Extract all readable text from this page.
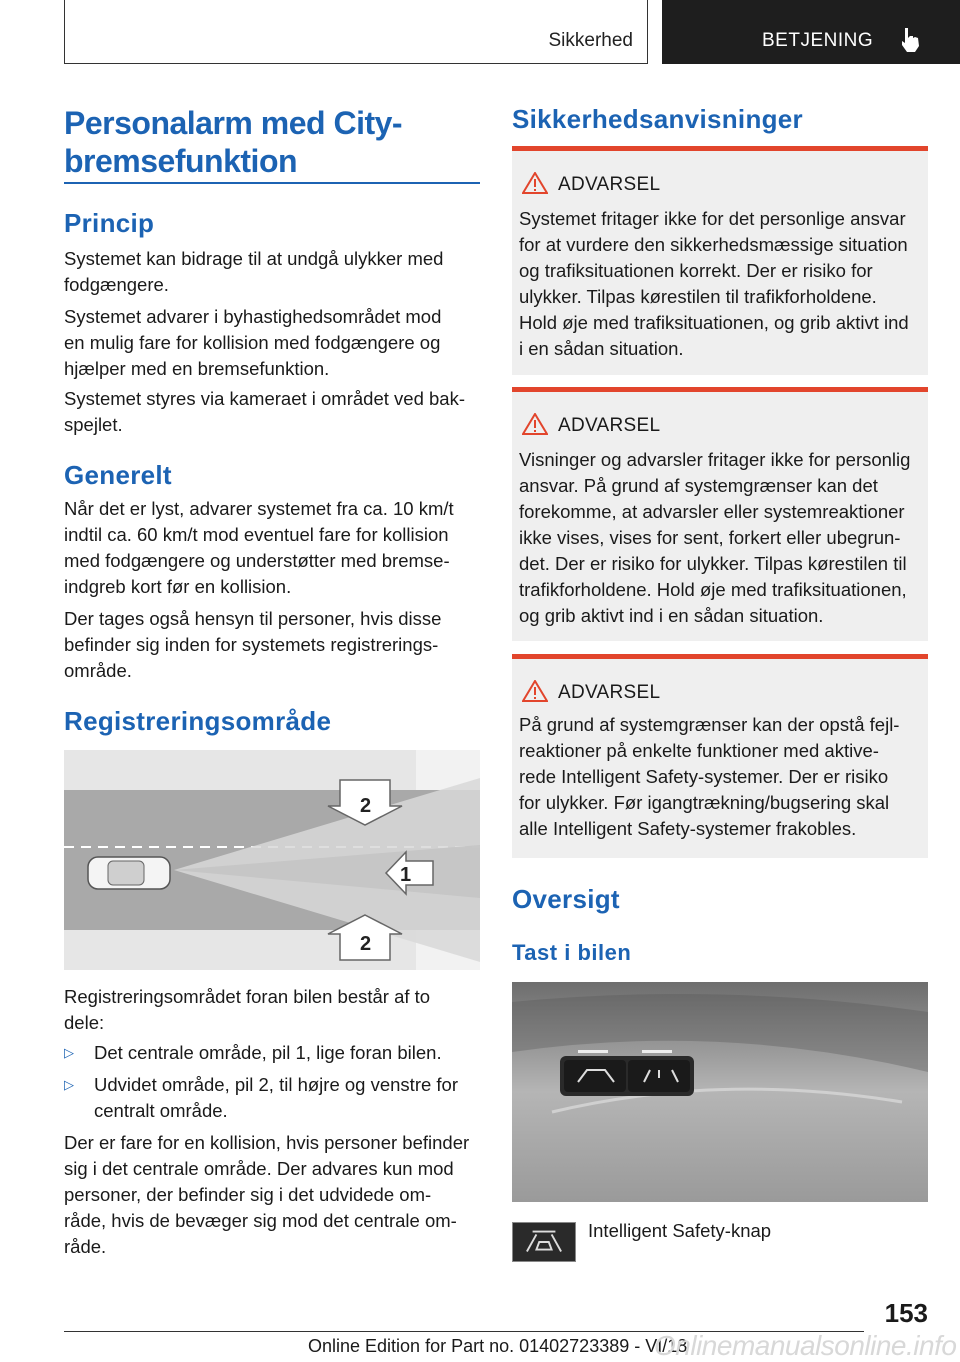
Sikkerhed	BETJENING
Personalarm med City-
bremsefunktion
Princip
Systemet kan bidrage til at undgå ulykker med
fodgængere.
Systemet advarer i byhastighedsområdet mod
en mulig fare for kollision med fodgængere og
hjælper med en bremsefunktion.
Systemet styres via kameraet i området ved bak-
spejlet.
Generelt
Når det er lyst, advarer systemet fra ca. 10 km/t
indtil ca. 60 km/t mod eventuel fare for kollision
med fodgængere og understøtter med bremse-
indgreb kort før en kollision.
Der tages også hensyn til personer, hvis disse
befinder sig inden for systemets registrerings-
område.
Registreringsområde
2
1
2
Registreringsområdet foran bilen består af to
dele:
▷ Det centrale område, pil 1, lige foran bilen.
▷ Udvidet område, pil 2, til højre og venstre for
centralt område.
Der er fare for en kollision, hvis personer befinder
sig i det centrale område. Der advares kun mod
personer, der befinder sig i det udvidede om-
råde, hvis de bevæger sig mod det centrale om-
råde.
Sikkerhedsanvisninger
ADVARSEL
Systemet fritager ikke for det personlige ansvar
for at vurdere den sikkerhedsmæssige situation
og trafiksituationen korrekt. Der er risiko for
ulykker. Tilpas kørestilen til trafikforholdene.
Hold øje med trafiksituationen, og grib aktivt ind
i en sådan situation.
ADVARSEL
Visninger og advarsler fritager ikke for personlig
ansvar. På grund af systemgrænser kan det
forekomme, at advarsler eller systemreaktioner
ikke vises, vises for sent, forkert eller ubegrun-
det. Der er risiko for ulykker. Tilpas kørestilen til
trafikforholdene. Hold øje med trafiksituationen,
og grib aktivt ind i en sådan situation.
ADVARSEL
På grund af systemgrænser kan der opstå fejl-
reaktioner på enkelte funktioner med aktive-
rede Intelligent Safety-systemer. Der er risiko
for ulykker. Før igangtrækning/bugsering skal
alle Intelligent Safety-systemer frakobles.
Oversigt
Tast i bilen
Intelligent Safety-knap
153
Online Edition for Part no. 01402723389 - VI/18
Onlinemanualsonline.info
